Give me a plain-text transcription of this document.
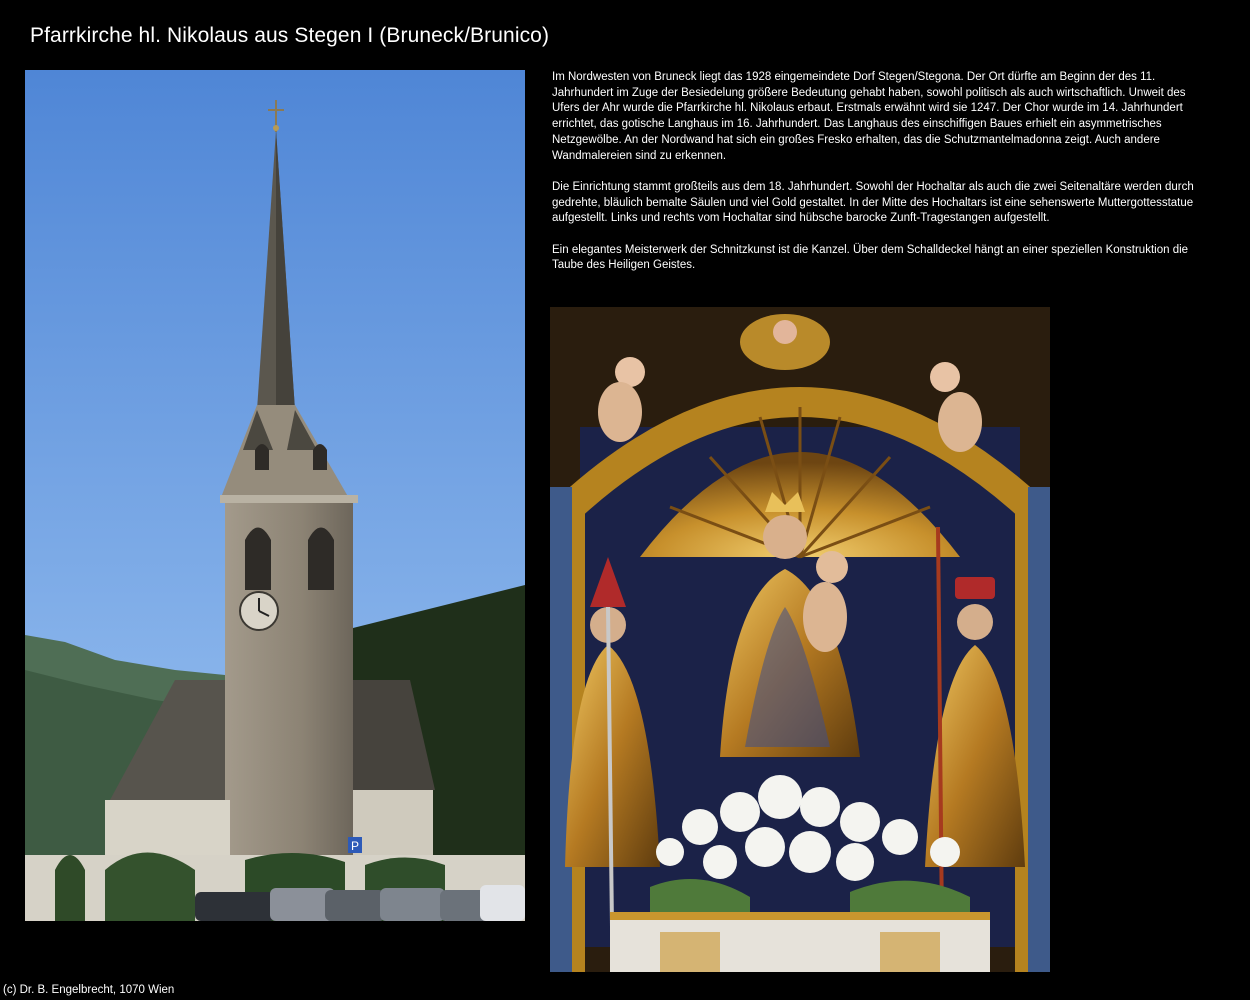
Pfarrkirche hl. Nikolaus aus Stegen I (Bruneck/Brunico)
P

Im Nordwesten von Bruneck liegt das 1928 eingemeindete Dorf Stegen/Stegona. Der Ort dürfte am Beginn der des 11. Jahrhundert im Zuge der Besiedelung größere Bedeutung gehabt haben, sowohl politisch als auch wirtschaftlich. Unweit des Ufers der Ahr wurde die Pfarrkirche hl. Nikolaus erbaut. Erstmals erwähnt wird sie 1247. Der Chor wurde im 14. Jahrhundert errichtet, das gotische Langhaus im 16. Jahrhundert. Das Langhaus des einschiffigen Baues erhielt ein asymmetrisches Netzgewölbe. An der Nordwand hat sich ein großes Fresko erhalten, das die Schutzmantelmadonna zeigt. Auch andere Wandmalereien sind zu erkennen.

Die Einrichtung stammt großteils aus dem 18. Jahrhundert. Sowohl der Hochaltar als auch die zwei Seitenaltäre werden durch gedrehte, bläulich bemalte Säulen und viel Gold gestaltet. In der Mitte des Hochaltars ist eine sehenswerte Muttergottesstatue aufgestellt. Links und rechts vom Hochaltar sind hübsche barocke Zunft-Tragestangen aufgestellt.

Ein elegantes Meisterwerk der Schnitzkunst ist die Kanzel. Über dem Schalldeckel hängt an einer speziellen Konstruktion die Taube des Heiligen Geistes.

(c) Dr. B. Engelbrecht, 1070 Wien
